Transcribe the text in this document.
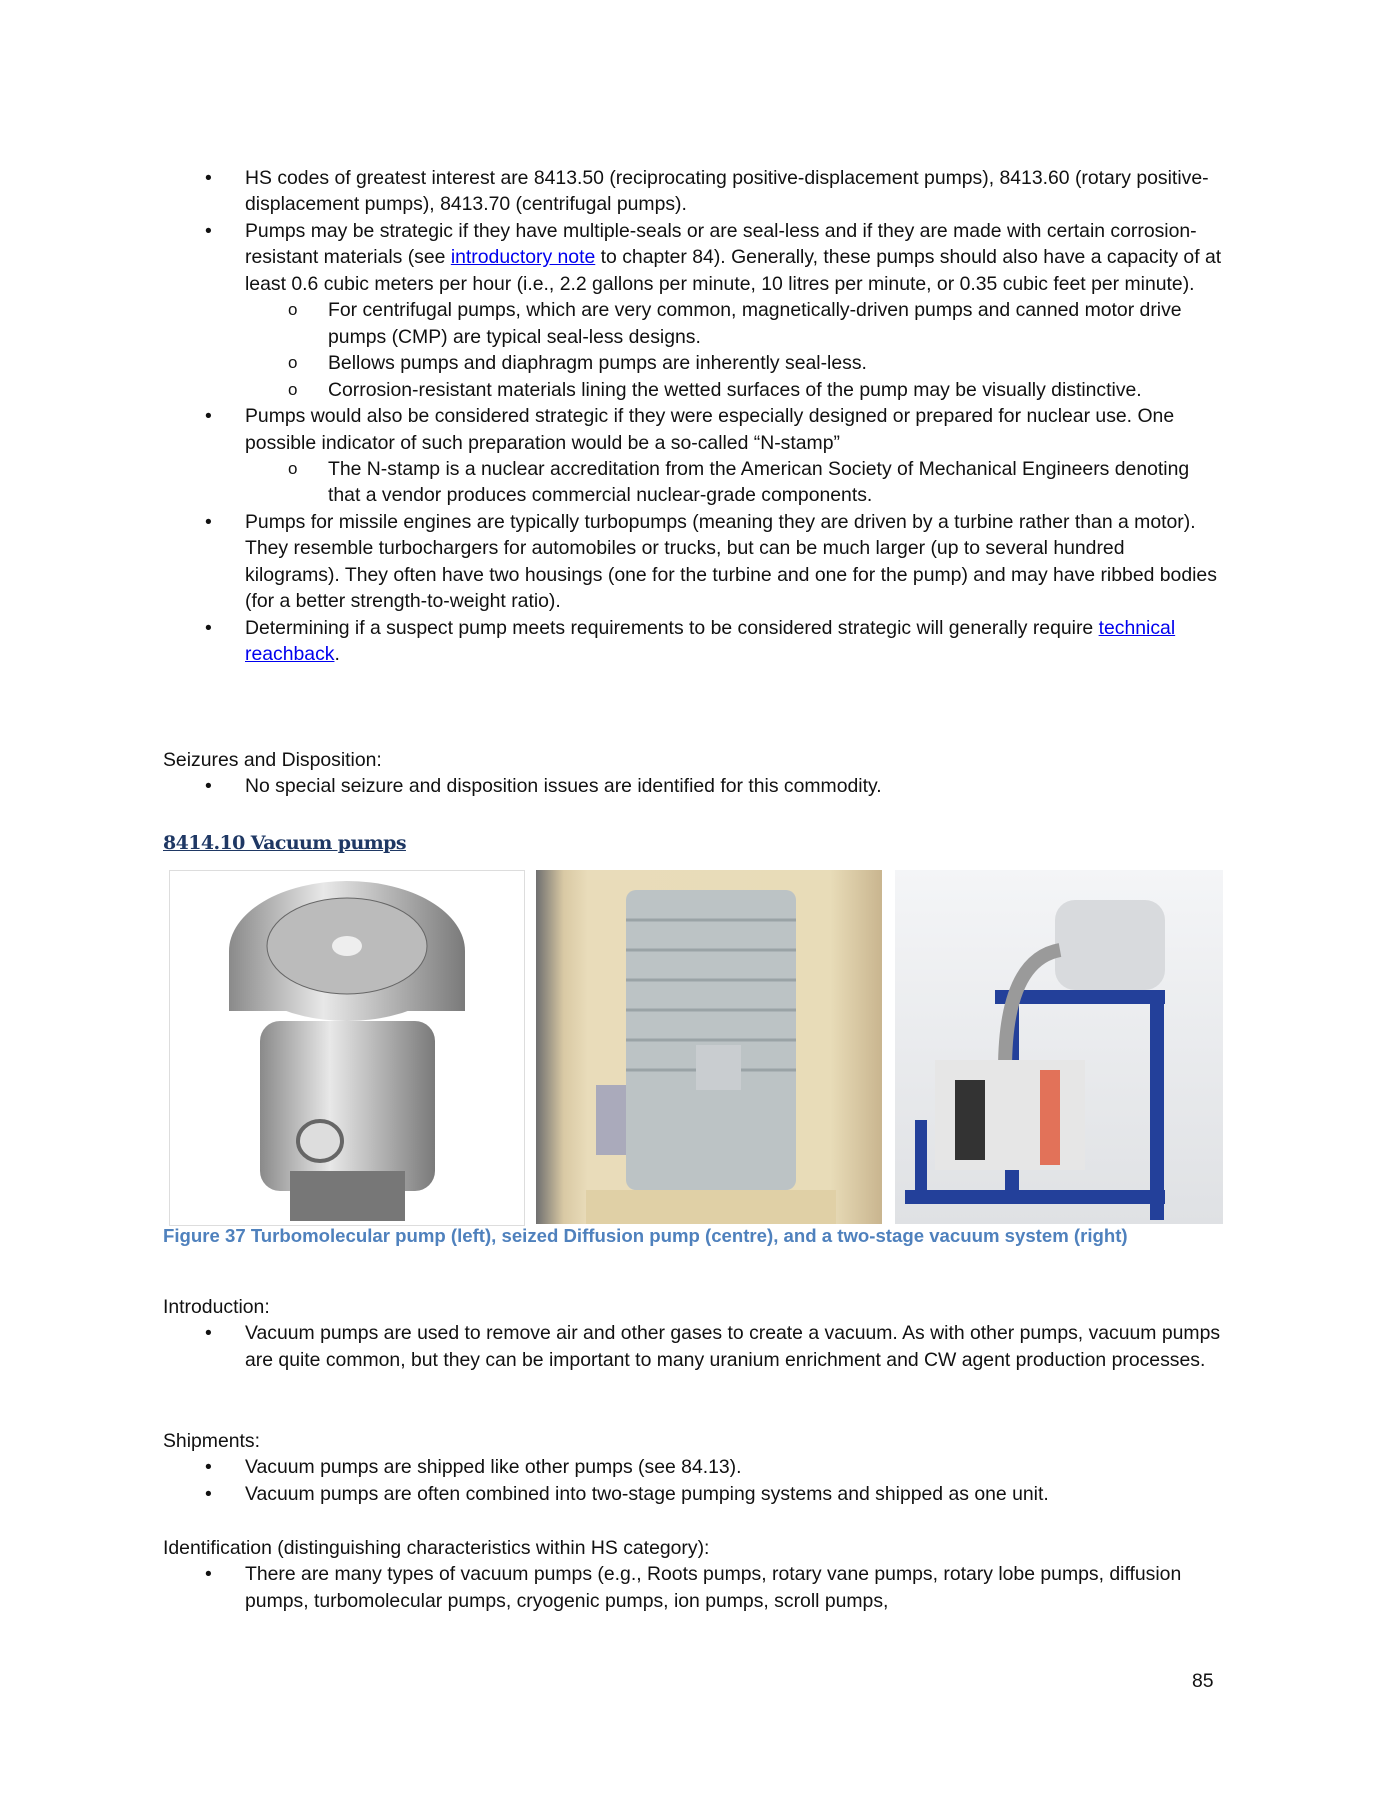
• HS codes of greatest interest are 8413.50 (reciprocating positive-displacement pumps), 8413.60 (rotary positive-displacement pumps), 8413.70 (centrifugal pumps).
• Pumps may be strategic if they have multiple-seals or are seal-less and if they are made with certain corrosion-resistant materials (see introductory note to chapter 84). Generally, these pumps should also have a capacity of at least 0.6 cubic meters per hour (i.e., 2.2 gallons per minute, 10 litres per minute, or 0.35 cubic feet per minute).
o For centrifugal pumps, which are very common, magnetically-driven pumps and canned motor drive pumps (CMP) are typical seal-less designs.
o Bellows pumps and diaphragm pumps are inherently seal-less.
o Corrosion-resistant materials lining the wetted surfaces of the pump may be visually distinctive.
• Pumps would also be considered strategic if they were especially designed or prepared for nuclear use. One possible indicator of such preparation would be a so-called “N-stamp”
o The N-stamp is a nuclear accreditation from the American Society of Mechanical Engineers denoting that a vendor produces commercial nuclear-grade components.
• Pumps for missile engines are typically turbopumps (meaning they are driven by a turbine rather than a motor). They resemble turbochargers for automobiles or trucks, but can be much larger (up to several hundred kilograms). They often have two housings (one for the turbine and one for the pump) and may have ribbed bodies (for a better strength-to-weight ratio).
• Determining if a suspect pump meets requirements to be considered strategic will generally require technical reachback.
Seizures and Disposition:
• No special seizure and disposition issues are identified for this commodity.
8414.10 Vacuum pumps
Figure 37 Turbomolecular pump (left), seized Diffusion pump (centre), and a two-stage vacuum system (right)
Introduction:
• Vacuum pumps are used to remove air and other gases to create a vacuum. As with other pumps, vacuum pumps are quite common, but they can be important to many uranium enrichment and CW agent production processes.
Shipments:
• Vacuum pumps are shipped like other pumps (see 84.13).
• Vacuum pumps are often combined into two-stage pumping systems and shipped as one unit.
Identification (distinguishing characteristics within HS category):
• There are many types of vacuum pumps (e.g., Roots pumps, rotary vane pumps, rotary lobe pumps, diffusion pumps, turbomolecular pumps, cryogenic pumps, ion pumps, scroll pumps,
85
